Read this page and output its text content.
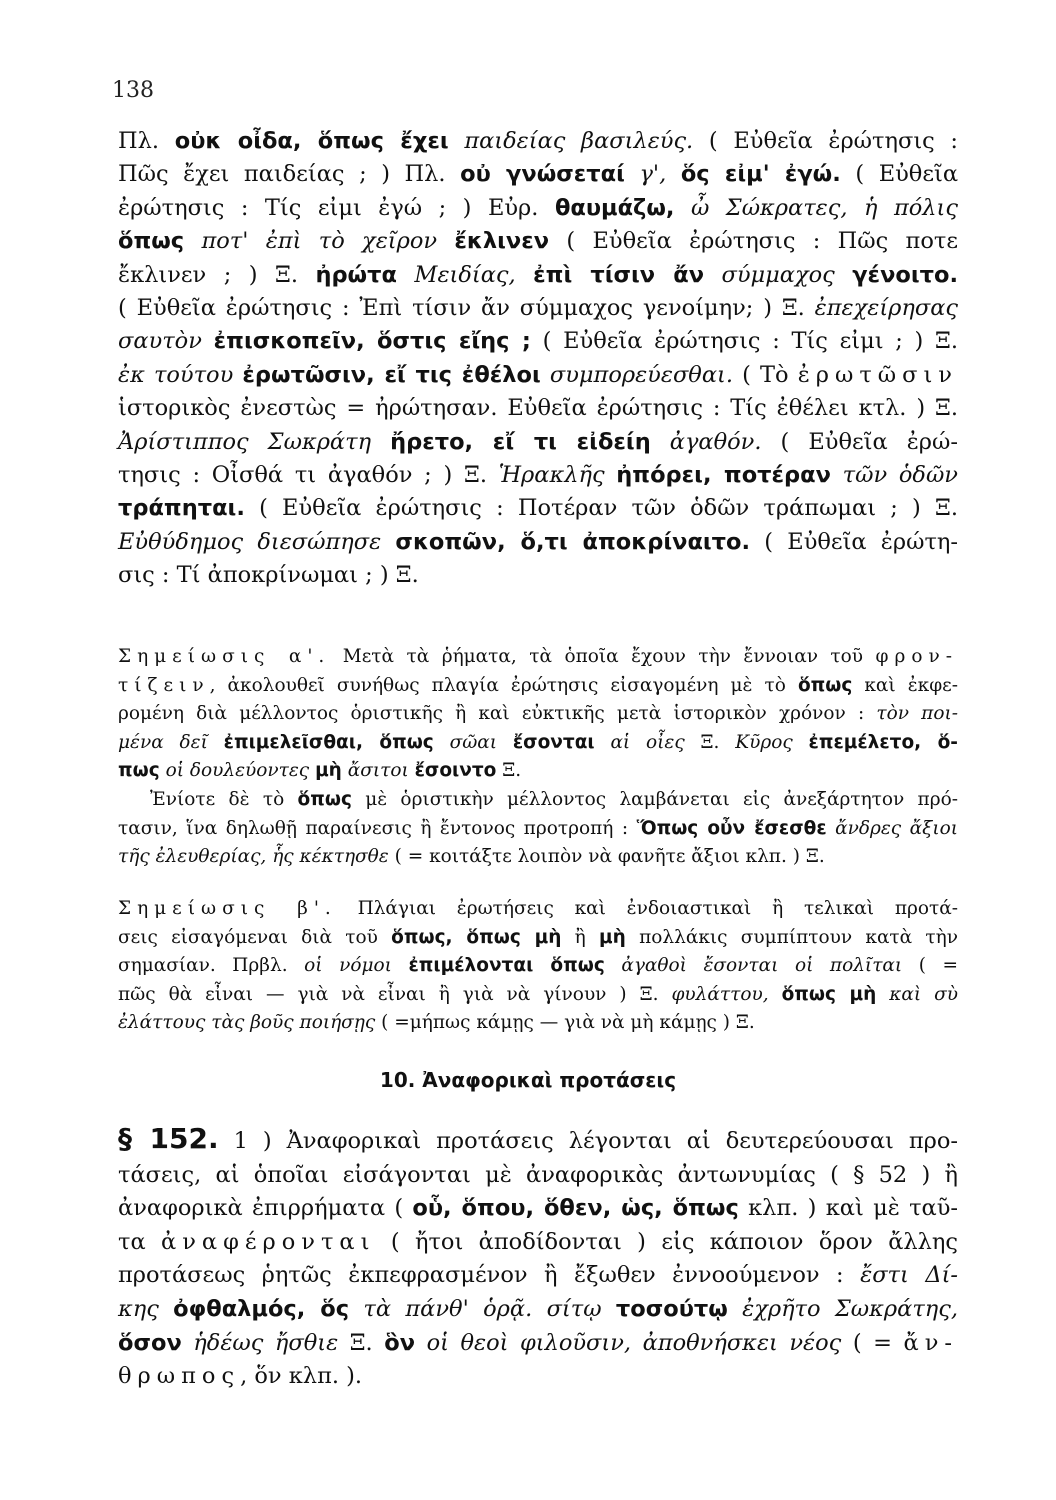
138
Πλ. οὐκ οἶδα, ὅπως ἔχει παιδείας βασιλεύς. ( Εὐθεῖα ἐρώτησις :
Πῶς ἔχει παιδείας ; ) Πλ. οὐ γνώσεταί γ', ὅς εἰμ' ἐγώ. ( Εὐθεῖα
ἐρώτησις : Τίς εἰμι ἐγώ ; ) Εὐρ. θαυμάζω, ὦ Σώκρατες, ἡ πόλις
ὅπως ποτ' ἐπὶ τὸ χεῖρον ἔκλινεν ( Εὐθεῖα ἐρώτησις : Πῶς ποτε
ἔκλινεν ; ) Ξ. ἠρώτα Μειδίας, ἐπὶ τίσιν ἄν σύμμαχος γένοιτο.
( Εὐθεῖα ἐρώτησις : Ἐπὶ τίσιν ἄν σύμμαχος γενοίμην; ) Ξ. ἐπεχείρησας
σαυτὸν ἐπισκοπεῖν, ὅστις εἴης ; ( Εὐθεῖα ἐρώτησις : Τίς εἰμι ; ) Ξ.
ἐκ τούτου ἐρωτῶσιν, εἴ τις ἐθέλοι συμπορεύεσθαι. ( Τὸ ἐρωτῶσιν
ἱστορικὸς ἐνεστὼς = ἠρώτησαν. Εὐθεῖα ἐρώτησις : Τίς ἐθέλει κτλ. ) Ξ.
Ἀρίστιππος Σωκράτη ἤρετο, εἴ τι εἰδείη ἀγαθόν. ( Εὐθεῖα ἐρώ-
τησις : Οἶσθά τι ἀγαθόν ; ) Ξ. Ἡρακλῆς ἠπόρει, ποτέραν τῶν ὁδῶν
τράπηται. ( Εὐθεῖα ἐρώτησις : Ποτέραν τῶν ὁδῶν τράπωμαι ; ) Ξ.
Εὐθύδημος διεσώπησε σκοπῶν, ὅ,τι ἀποκρίναιτο. ( Εὐθεῖα ἐρώτη-
σις : Τί ἀποκρίνωμαι ; ) Ξ.
Σημείωσις α'. Μετὰ τὰ ῥήματα, τὰ ὁποῖα ἔχουν τὴν ἔννοιαν τοῦ φρον-
τίζειν, ἀκολουθεῖ συνήθως πλαγία ἐρώτησις εἰσαγομένη μὲ τὸ ὅπως καὶ ἐκφε-
ρομένη διὰ μέλλοντος ὁριστικῆς ἢ καὶ εὐκτικῆς μετὰ ἱστορικὸν χρόνον : τὸν ποι-
μένα δεῖ ἐπιμελεῖσθαι, ὅπως σῶαι ἔσονται αἱ οἶες Ξ. Κῦρος ἐπεμέλετο, ὅ-
πως οἱ δουλεύοντες μὴ ἄσιτοι ἔσοιντο Ξ.
Ἐνίοτε δὲ τὸ ὅπως μὲ ὁριστικὴν μέλλοντος λαμβάνεται εἰς ἀνεξάρτητον πρό-
τασιν, ἵνα δηλωθῇ παραίνεσις ἢ ἔντονος προτροπή : Ὅπως οὖν ἔσεσθε ἄνδρες ἄξιοι
τῆς ἐλευθερίας, ἧς κέκτησθε ( = κοιτάξτε λοιπὸν νὰ φανῆτε ἄξιοι κλπ. ) Ξ.
Σημείωσις β'. Πλάγιαι ἐρωτήσεις καὶ ἐνδοιαστικαὶ ἢ τελικαὶ προτά-
σεις εἰσαγόμεναι διὰ τοῦ ὅπως, ὅπως μὴ ἢ μὴ πολλάκις συμπίπτουν κατὰ τὴν
σημασίαν. Πρβλ. οἱ νόμοι ἐπιμέλονται ὅπως ἀγαθοὶ ἔσονται οἱ πολῖται ( =
πῶς θὰ εἶναι — γιὰ νὰ εἶναι ἢ γιὰ νὰ γίνουν ) Ξ. φυλάττου, ὅπως μὴ καὶ σὺ
ἐλάττους τὰς βοῦς ποιήσῃς ( =μήπως κάμῃς — γιὰ νὰ μὴ κάμῃς ) Ξ.
10. Ἀναφορικαὶ προτάσεις
§ 152. 1 ) Ἀναφορικαὶ προτάσεις λέγονται αἱ δευτερεύουσαι προ-
τάσεις, αἱ ὁποῖαι εἰσάγονται μὲ ἀναφορικὰς ἀντωνυμίας ( § 52 ) ἢ
ἀναφορικὰ ἐπιρρήματα ( οὗ, ὅπου, ὅθεν, ὡς, ὅπως κλπ. ) καὶ μὲ ταῦ-
τα ἀναφέρονται ( ἤτοι ἀποδίδονται ) εἰς κάποιον ὅρον ἄλλης
προτάσεως ῥητῶς ἐκπεφρασμένον ἢ ἔξωθεν ἐννοούμενον : ἔστι Δί-
κης ὀφθαλμός, ὅς τὰ πάνθ' ὁρᾷ. σίτῳ τοσούτῳ ἐχρῆτο Σωκράτης,
ὅσον ἡδέως ἤσθιε Ξ. ὃν οἱ θεοὶ φιλοῦσιν, ἀποθνήσκει νέος ( = ἄν-
θρωπος, ὅν κλπ. ).
